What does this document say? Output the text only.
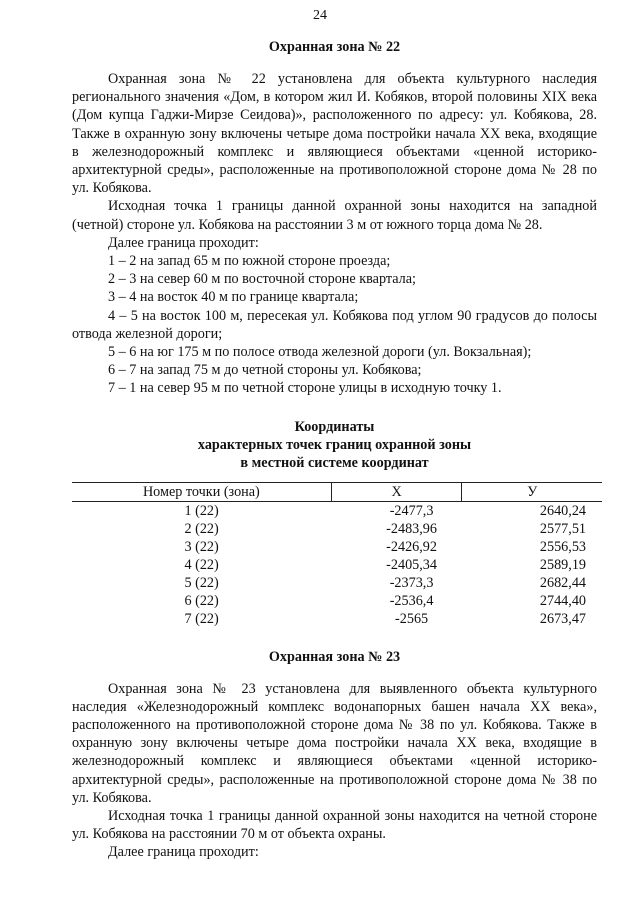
24
Охранная зона № 22

Охранная зона № 22 установлена для объекта культурного наследия регионального значения «Дом, в котором жил И. Кобяков, второй половины XIX века (Дом купца Гаджи-Мирзе Сеидова)», расположенного по адресу: ул. Кобякова, 28. Также в охранную зону включены четыре дома постройки начала XX века, входящие в железнодорожный комплекс и являющиеся объектами «ценной историко-архитектурной среды», расположенные на противоположной стороне дома № 28 по ул. Кобякова.

Исходная точка 1 границы данной охранной зоны находится на западной (четной) стороне ул. Кобякова на расстоянии 3 м от южного торца дома № 28.

Далее граница проходит:

1 – 2 на запад 65 м по южной стороне проезда;
2 – 3 на север 60 м по восточной стороне квартала;
3 – 4 на восток 40 м по границе квартала;
4 – 5 на восток 100 м, пересекая ул. Кобякова под углом 90 градусов до полосы отвода железной дороги;
5 – 6 на юг 175 м по полосе отвода железной дороги (ул. Вокзальная);
6 – 7 на запад 75 м до четной стороны ул. Кобякова;
7 – 1 на север 95 м по четной стороне улицы в исходную точку 1.
Координаты
характерных точек границ охранной зоны
в местной системе координат
Номер точки (зона)	X	У
1 (22)	-2477,3	2640,24
2 (22)	-2483,96	2577,51
3 (22)	-2426,92	2556,53
4 (22)	-2405,34	2589,19
5 (22)	-2373,3	2682,44
6 (22)	-2536,4	2744,40
7 (22)	-2565	2673,47
Охранная зона № 23

Охранная зона № 23 установлена для выявленного объекта культурного наследия «Железнодорожный комплекс водонапорных башен начала XX века», расположенного на противоположной стороне дома № 38 по ул. Кобякова. Также в охранную зону включены четыре дома постройки начала XX века, входящие в железнодорожный комплекс и являющиеся объектами «ценной историко-архитектурной среды», расположенные на противоположной стороне дома № 38 по ул. Кобякова.

Исходная точка 1 границы данной охранной зоны находится на четной стороне ул. Кобякова на расстоянии 70 м от объекта охраны.

Далее граница проходит:
